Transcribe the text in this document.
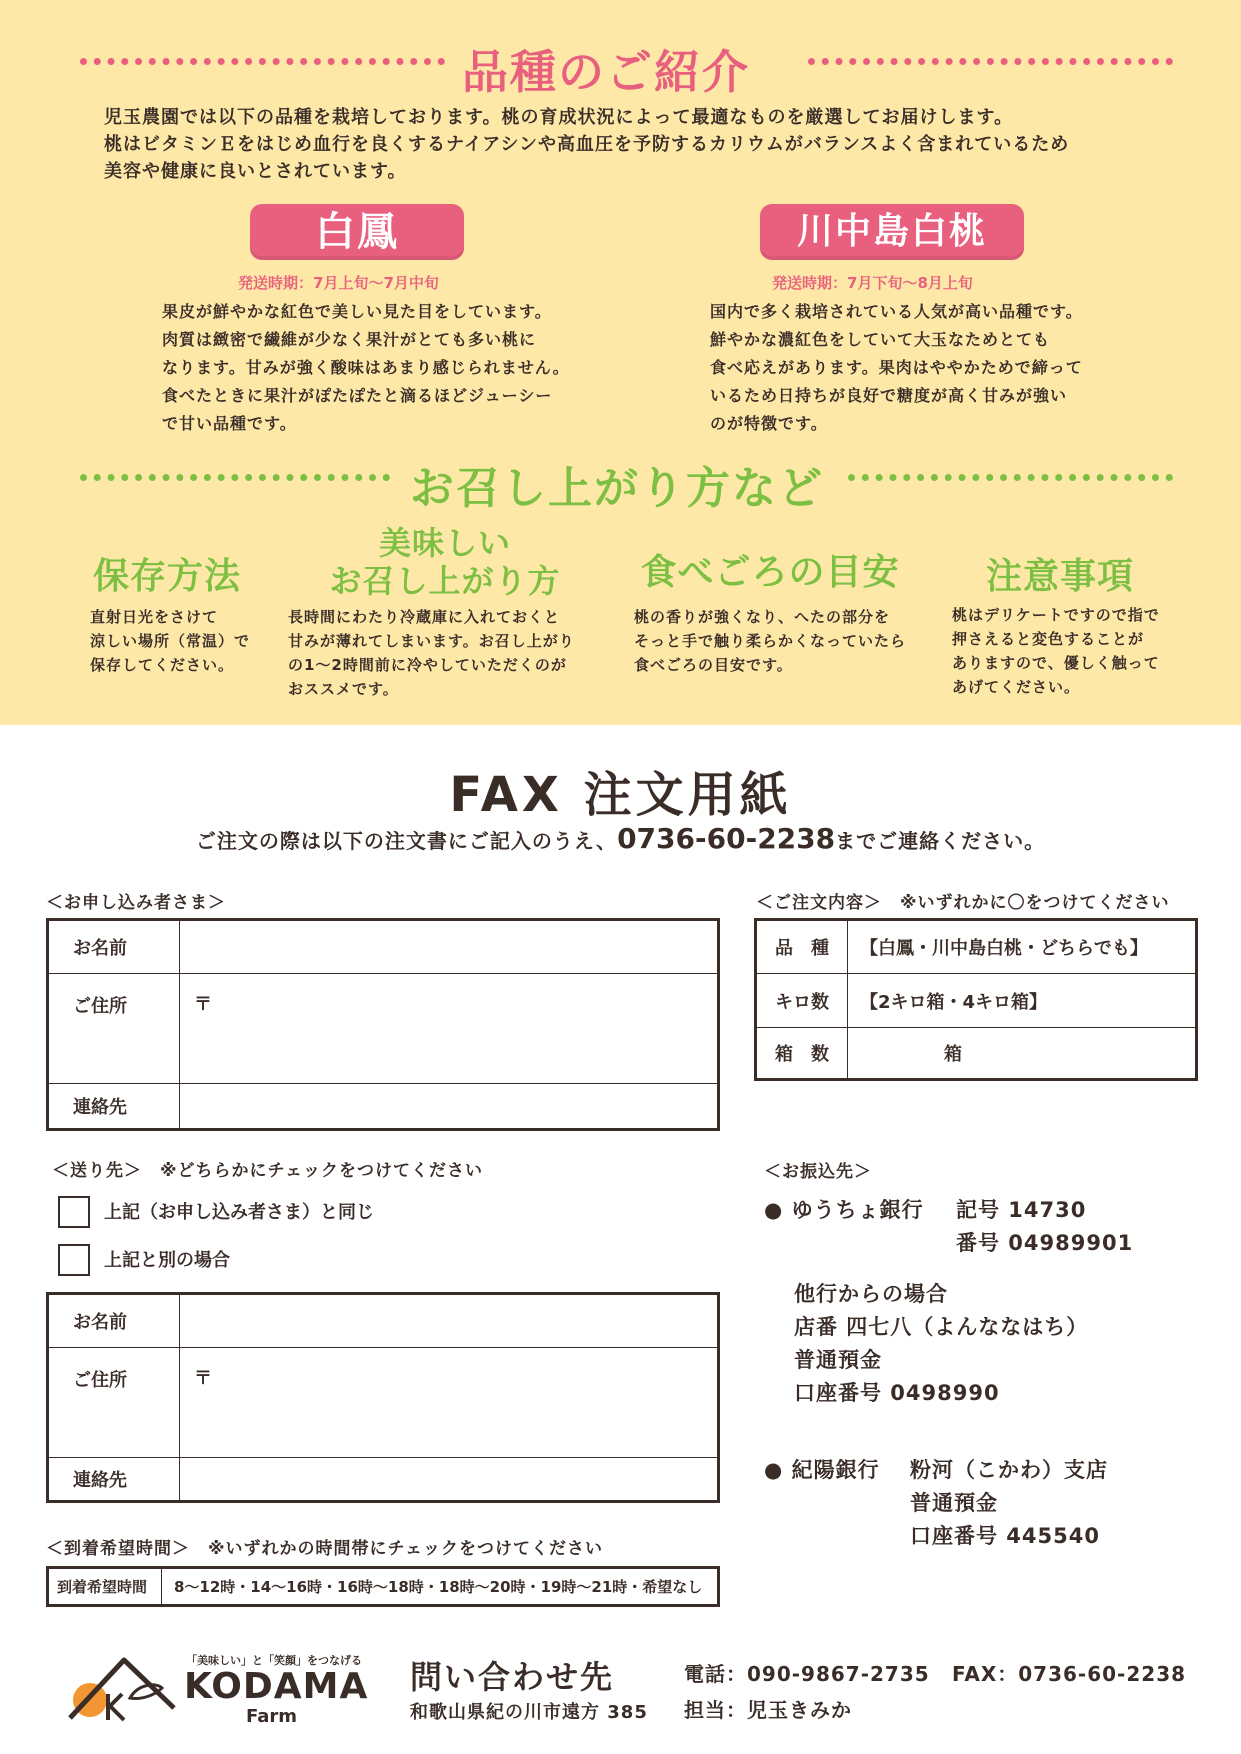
品種のご紹介
児玉農園では以下の品種を栽培しております。桃の育成状況によって最適なものを厳選してお届けします。
桃はビタミンＥをはじめ血行を良くするナイアシンや高血圧を予防するカリウムがバランスよく含まれているため
美容や健康に良いとされています。
白鳳
発送時期：7月上旬〜7月中旬
果皮が鮮やかな紅色で美しい見た目をしています。
肉質は緻密で繊維が少なく果汁がとても多い桃に
なります。甘みが強く酸味はあまり感じられません。
食べたときに果汁がぽたぽたと滴るほどジューシー
で甘い品種です。
川中島白桃
発送時期：7月下旬〜8月上旬
国内で多く栽培されている人気が高い品種です。
鮮やかな濃紅色をしていて大玉なためとても
食べ応えがあります。果肉はややかためで締って
いるため日持ちが良好で糖度が高く甘みが強い
のが特徴です。
お召し上がり方など
保存方法
直射日光をさけて
涼しい場所（常温）で
保存してください。
美味しい
お召し上がり方
長時間にわたり冷蔵庫に入れておくと
甘みが薄れてしまいます。お召し上がり
の1〜2時間前に冷やしていただくのが
おススメです。
食べごろの目安
桃の香りが強くなり、へたの部分を
そっと手で触り柔らかくなっていたら
食べごろの目安です。
注意事項
桃はデリケートですので指で
押さえると変色することが
ありますので、優しく触って
あげてください。
FAX 注文用紙
ご注文の際は以下の注文書にご記入のうえ、0736-60-2238までご連絡ください。
＜お申し込み者さま＞
お名前	
ご住所	〒
連絡先	
＜ご注文内容＞　※いずれかに〇をつけてください
品　種	【白鳳・川中島白桃・どちらでも】
キロ数	【2キロ箱・4キロ箱】
箱　数	箱
＜送り先＞　※どちらかにチェックをつけてください
上記（お申し込み者さま）と同じ
上記と別の場合
お名前	
ご住所	〒
連絡先	
＜到着希望時間＞　※いずれかの時間帯にチェックをつけてください
到着希望時間	8〜12時・14〜16時・16時〜18時・18時〜20時・19時〜21時・希望なし
＜お振込先＞
● ゆうちょ銀行 記号 14730
番号 04989901
他行からの場合
店番 四七八（よんななはち）
普通預金
口座番号 0498990
● 紀陽銀行 粉河（こかわ）支店
普通預金
口座番号 445540
「美味しい」と「笑顔」をつなげる
KODAMA
Farm
問い合わせ先
和歌山県紀の川市遠方 385
電話：090-9867-2735 FAX：0736-60-2238
担当：児玉きみか
